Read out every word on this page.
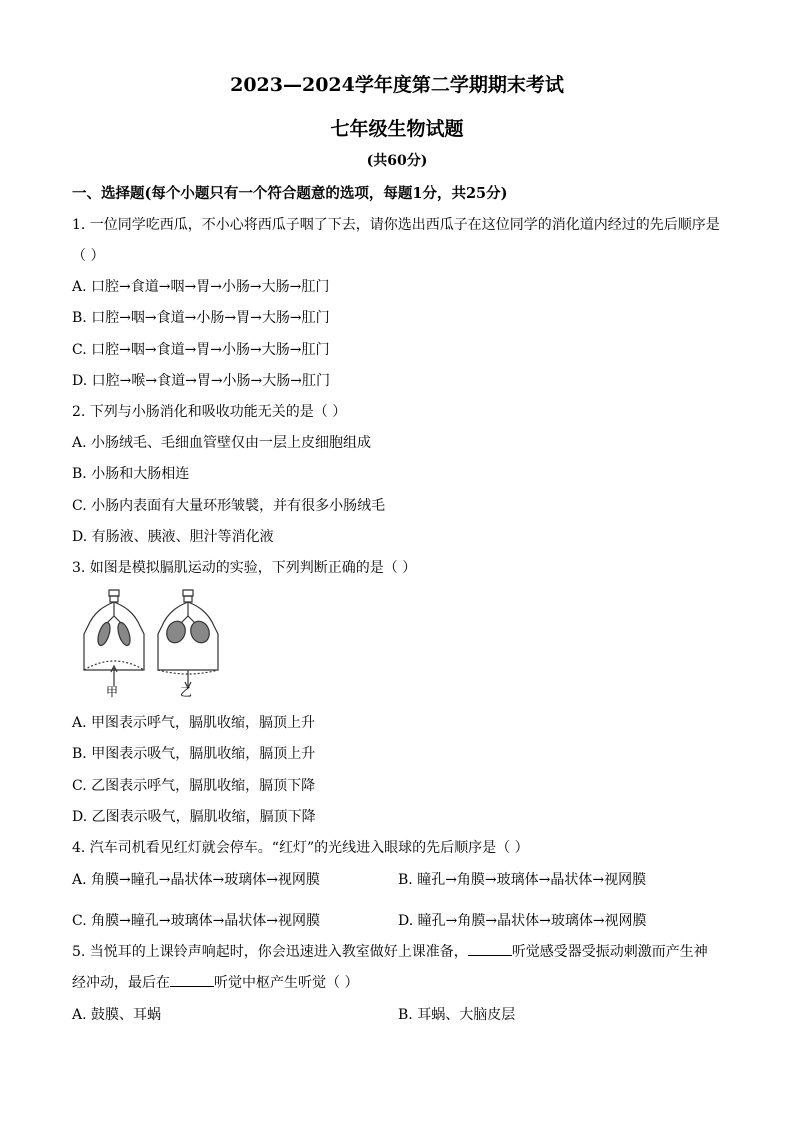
2023—2024学年度第二学期期末考试
七年级生物试题
(共60分)
一、选择题(每个小题只有一个符合题意的选项，每题1分，共25分)
1. 一位同学吃西瓜，不小心将西瓜子咽了下去，请你选出西瓜子在这位同学的消化道内经过的先后顺序是
（ ）
A. 口腔→食道→咽→胃→小肠→大肠→肛门
B. 口腔→咽→食道→小肠→胃→大肠→肛门
C. 口腔→咽→食道→胃→小肠→大肠→肛门
D. 口腔→喉→食道→胃→小肠→大肠→肛门
2. 下列与小肠消化和吸收功能无关的是（ ）
A. 小肠绒毛、毛细血管壁仅由一层上皮细胞组成
B. 小肠和大肠相连
C. 小肠内表面有大量环形皱襞，并有很多小肠绒毛
D. 有肠液、胰液、胆汁等消化液
3. 如图是模拟膈肌运动的实验，下列判断正确的是（ ）
甲	乙
A. 甲图表示呼气，膈肌收缩，膈顶上升
B. 甲图表示吸气，膈肌收缩，膈顶上升
C. 乙图表示呼气，膈肌收缩，膈顶下降
D. 乙图表示吸气，膈肌收缩，膈顶下降
4. 汽车司机看见红灯就会停车。“红灯”的光线进入眼球的先后顺序是（ ）
A. 角膜→瞳孔→晶状体→玻璃体→视网膜	B. 瞳孔→角膜→玻璃体→晶状体→视网膜
C. 角膜→瞳孔→玻璃体→晶状体→视网膜	D. 瞳孔→角膜→晶状体→玻璃体→视网膜
5. 当悦耳的上课铃声响起时，你会迅速进入教室做好上课准备，	听觉感受器受振动刺激而产生神
经冲动，最后在	听觉中枢产生听觉（ ）
A. 鼓膜、耳蜗	B. 耳蜗、大脑皮层
